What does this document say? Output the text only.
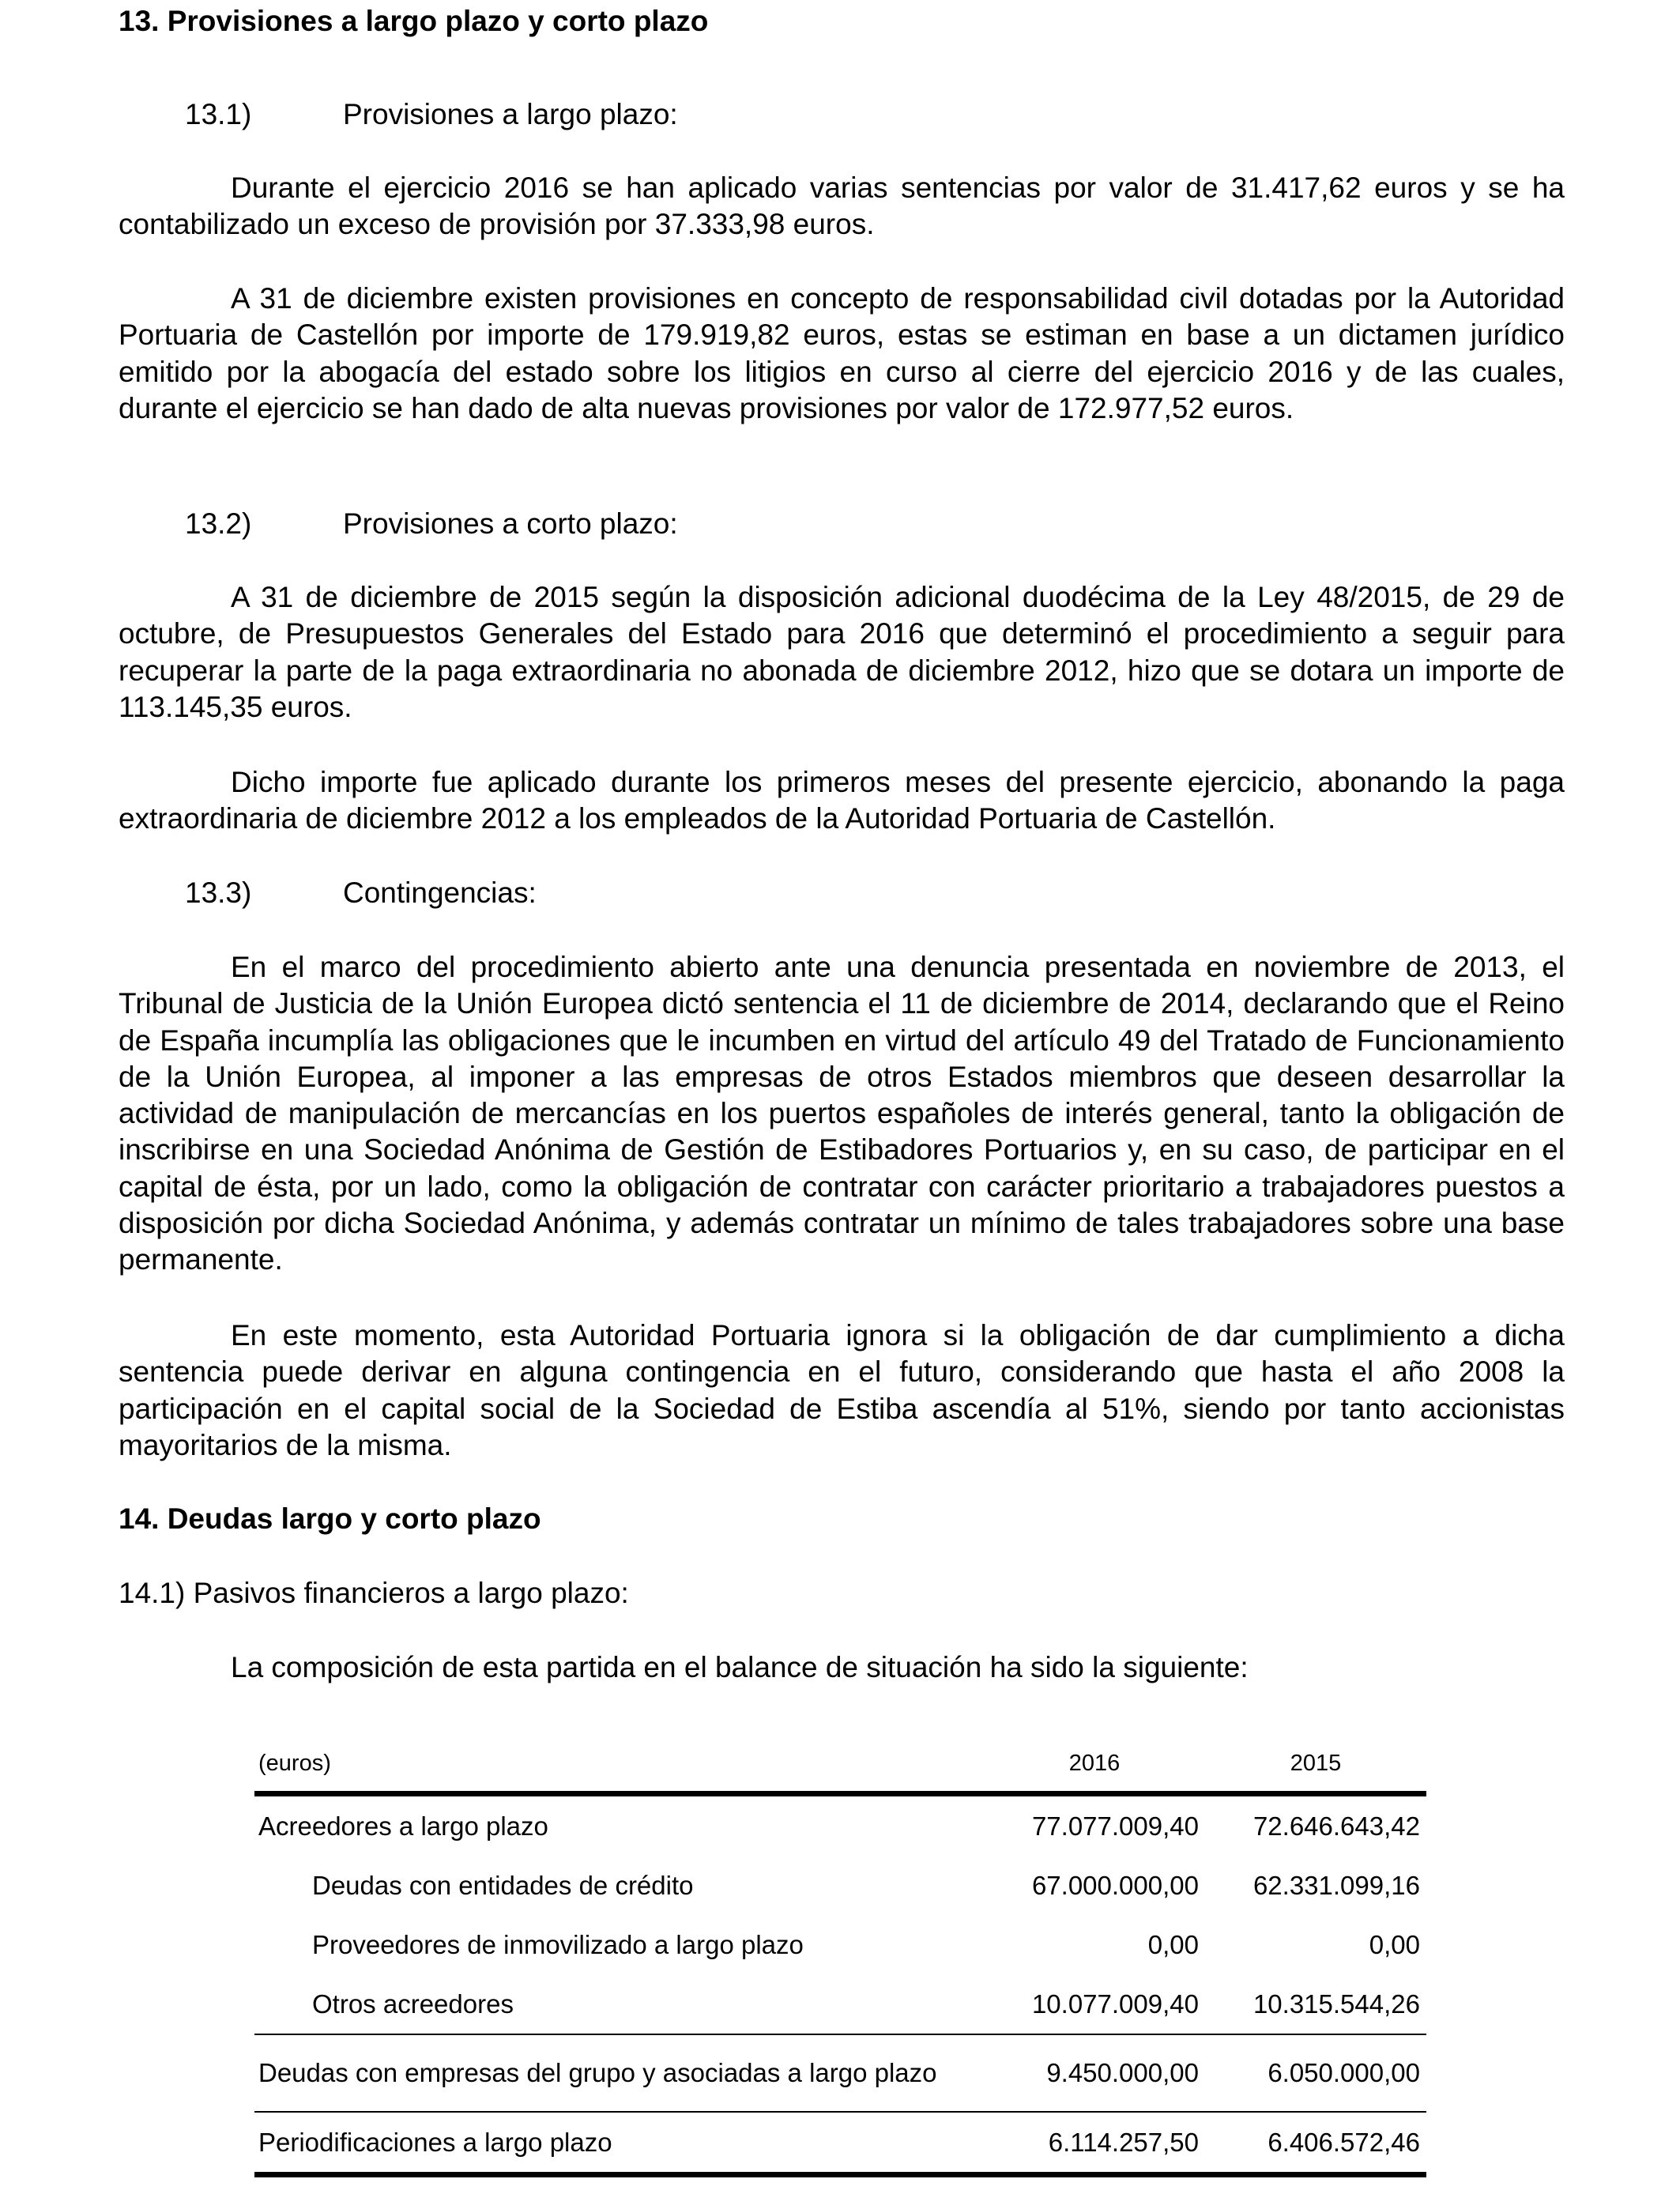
13. Provisiones a largo plazo y corto plazo
13.1)	Provisiones a largo plazo:

Durante el ejercicio 2016 se han aplicado varias sentencias por valor de 31.417,62 euros y se ha contabilizado un exceso de provisión por 37.333,98 euros.

A 31 de diciembre existen provisiones en concepto de responsabilidad civil dotadas por la Autoridad Portuaria de Castellón por importe de 179.919,82 euros, estas se estiman en base a un dictamen jurídico emitido por la abogacía del estado sobre los litigios en curso al cierre del ejercicio 2016 y de las cuales, durante el ejercicio se han dado de alta nuevas provisiones por valor de 172.977,52 euros.

13.2)	Provisiones a corto plazo:

A 31 de diciembre de 2015 según la disposición adicional duodécima de la Ley 48/2015, de 29 de octubre, de Presupuestos Generales del Estado para 2016 que determinó el procedimiento a seguir para recuperar la parte de la paga extraordinaria no abonada de diciembre 2012, hizo que se dotara un importe de 113.145,35 euros.

Dicho importe fue aplicado durante los primeros meses del presente ejercicio, abonando la paga extraordinaria de diciembre 2012 a los empleados de la Autoridad Portuaria de Castellón.

13.3)	Contingencias:

En el marco del procedimiento abierto ante una denuncia presentada en noviembre de 2013, el Tribunal de Justicia de la Unión Europea dictó sentencia el 11 de diciembre de 2014, declarando que el Reino de España incumplía las obligaciones que le incumben en virtud del artículo 49 del Tratado de Funcionamiento de la Unión Europea, al imponer a las empresas de otros Estados miembros que deseen desarrollar la actividad de manipulación de mercancías en los puertos españoles de interés general, tanto la obligación de inscribirse en una Sociedad Anónima de Gestión de Estibadores Portuarios y, en su caso, de participar en el capital de ésta, por un lado, como la obligación de contratar con carácter prioritario a trabajadores puestos a disposición por dicha Sociedad Anónima, y además contratar un mínimo de tales trabajadores sobre una base permanente.

En este momento, esta Autoridad Portuaria ignora si la obligación de dar cumplimiento a dicha sentencia puede derivar en alguna contingencia en el futuro, considerando que hasta el año 2008 la participación en el capital social de la Sociedad de Estiba ascendía al 51%, siendo por tanto accionistas mayoritarios de la misma.

14. Deudas largo y corto plazo
14.1) Pasivos financieros a largo plazo:
La composición de esta partida en el balance de situación ha sido la siguiente:
(euros)	2016	2015
Acreedores a largo plazo	77.077.009,40	72.646.643,42
Deudas con entidades de crédito	67.000.000,00	62.331.099,16
Proveedores de inmovilizado a largo plazo	0,00	0,00
Otros acreedores	10.077.009,40	10.315.544,26
Deudas con empresas del grupo y asociadas a largo plazo	9.450.000,00	6.050.000,00
Periodificaciones a largo plazo	6.114.257,50	6.406.572,46
